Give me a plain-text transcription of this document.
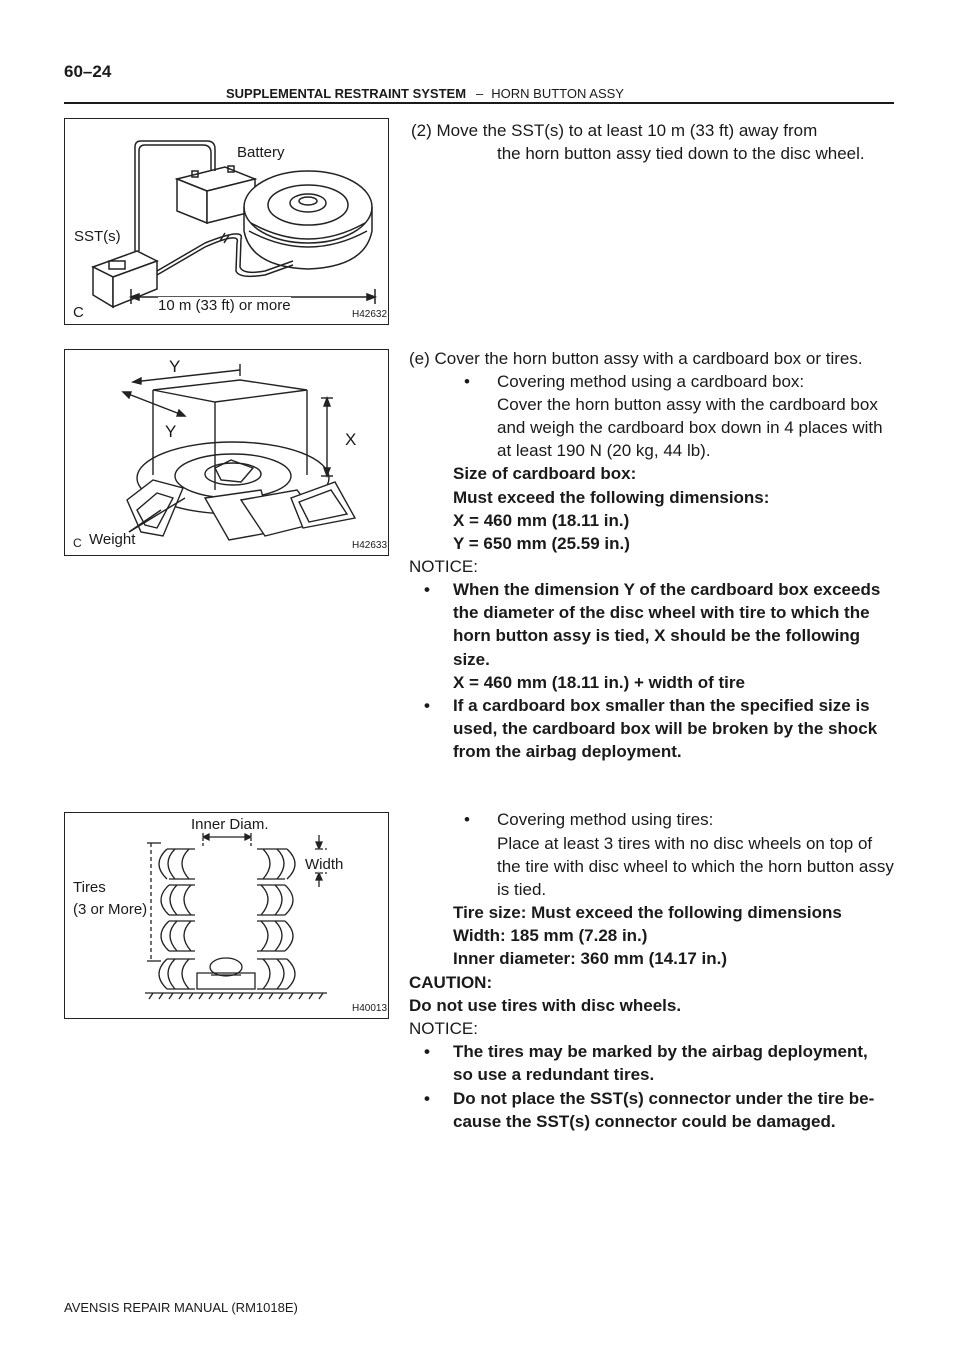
60–24
SUPPLEMENTAL RESTRAINT SYSTEM – HORN BUTTON ASSY
Battery
SST(s)
10 m (33 ft) or more
C	H42632
Y
Y	X
Weight
C	H42633
Inner Diam.
Width
Tires
(3 or More)
H40013
(2) Move the SST(s) to at least 10 m (33 ft) away from
the horn button assy tied down to the disc wheel.
(e) Cover the horn button assy with a cardboard box or tires.
• Covering method using a cardboard box:
Cover the horn button assy with the cardboard box
and weigh the cardboard box down in 4 places with
at least 190 N (20 kg, 44 lb).
Size of cardboard box:
Must exceed the following dimensions:
X = 460 mm (18.11 in.)
Y = 650 mm (25.59 in.)
NOTICE:
• When the dimension Y of the cardboard box exceeds
the diameter of the disc wheel with tire to which the
horn button assy is tied, X should be the following
size.
X = 460 mm (18.11 in.) + width of tire
• If a cardboard box smaller than the specified size is
used, the cardboard box will be broken by the shock
from the airbag deployment.
• Covering method using tires:
Place at least 3 tires with no disc wheels on top of
the tire with disc wheel to which the horn button assy
is tied.
Tire size: Must exceed the following dimensions
Width: 185 mm (7.28 in.)
Inner diameter: 360 mm (14.17 in.)
CAUTION:
Do not use tires with disc wheels.
NOTICE:
• The tires may be marked by the airbag deployment,
so use a redundant tires.
• Do not place the SST(s) connector under the tire be-
cause the SST(s) connector could be damaged.
AVENSIS REPAIR MANUAL (RM1018E)
